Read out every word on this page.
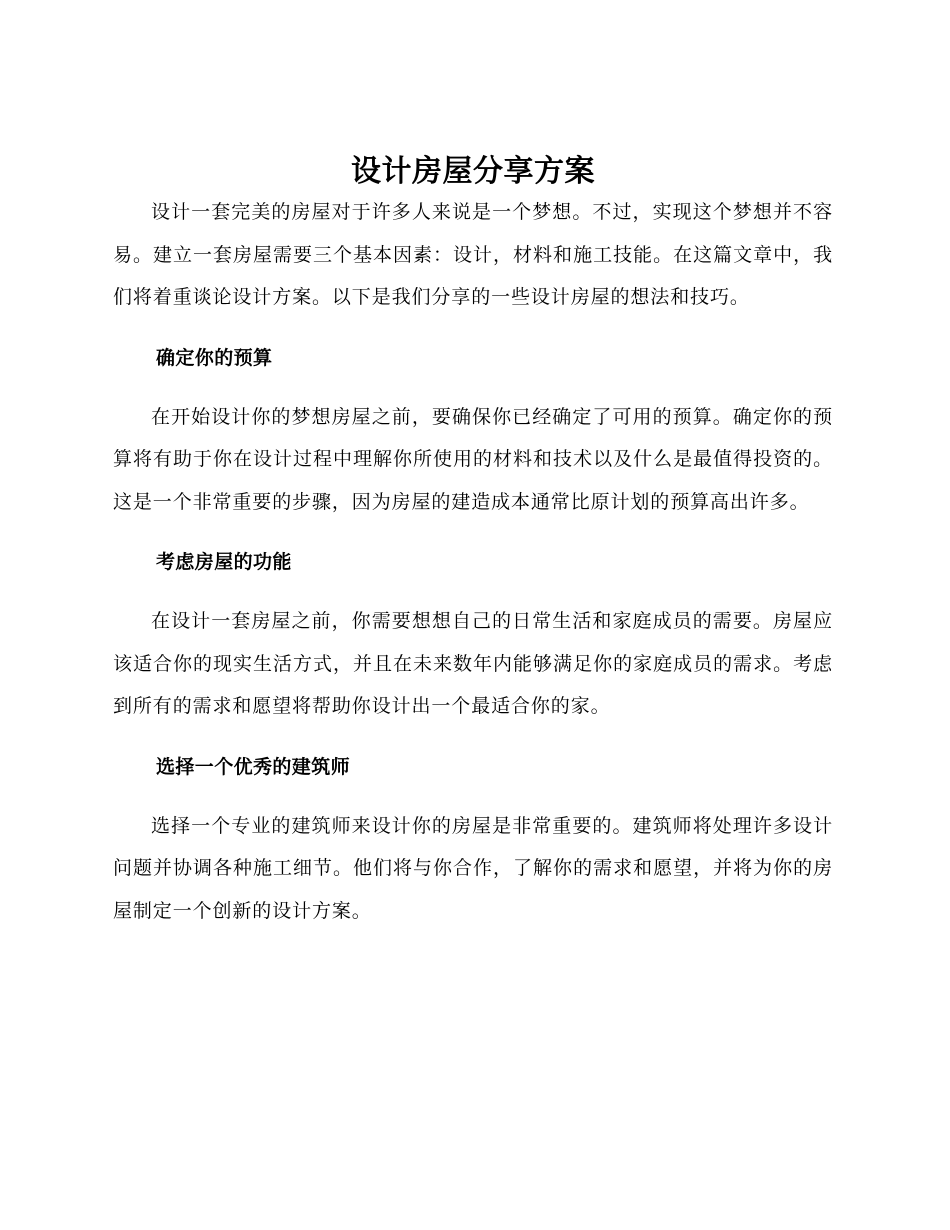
设计房屋分享方案

设计一套完美的房屋对于许多人来说是一个梦想。不过，实现这个梦想并不容易。建立一套房屋需要三个基本因素：设计，材料和施工技能。在这篇文章中，我们将着重谈论设计方案。以下是我们分享的一些设计房屋的想法和技巧。

确定你的预算

在开始设计你的梦想房屋之前，要确保你已经确定了可用的预算。确定你的预算将有助于你在设计过程中理解你所使用的材料和技术以及什么是最值得投资的。这是一个非常重要的步骤，因为房屋的建造成本通常比原计划的预算高出许多。

考虑房屋的功能

在设计一套房屋之前，你需要想想自己的日常生活和家庭成员的需要。房屋应该适合你的现实生活方式，并且在未来数年内能够满足你的家庭成员的需求。考虑到所有的需求和愿望将帮助你设计出一个最适合你的家。

选择一个优秀的建筑师

选择一个专业的建筑师来设计你的房屋是非常重要的。建筑师将处理许多设计问题并协调各种施工细节。他们将与你合作，了解你的需求和愿望，并将为你的房屋制定一个创新的设计方案。
